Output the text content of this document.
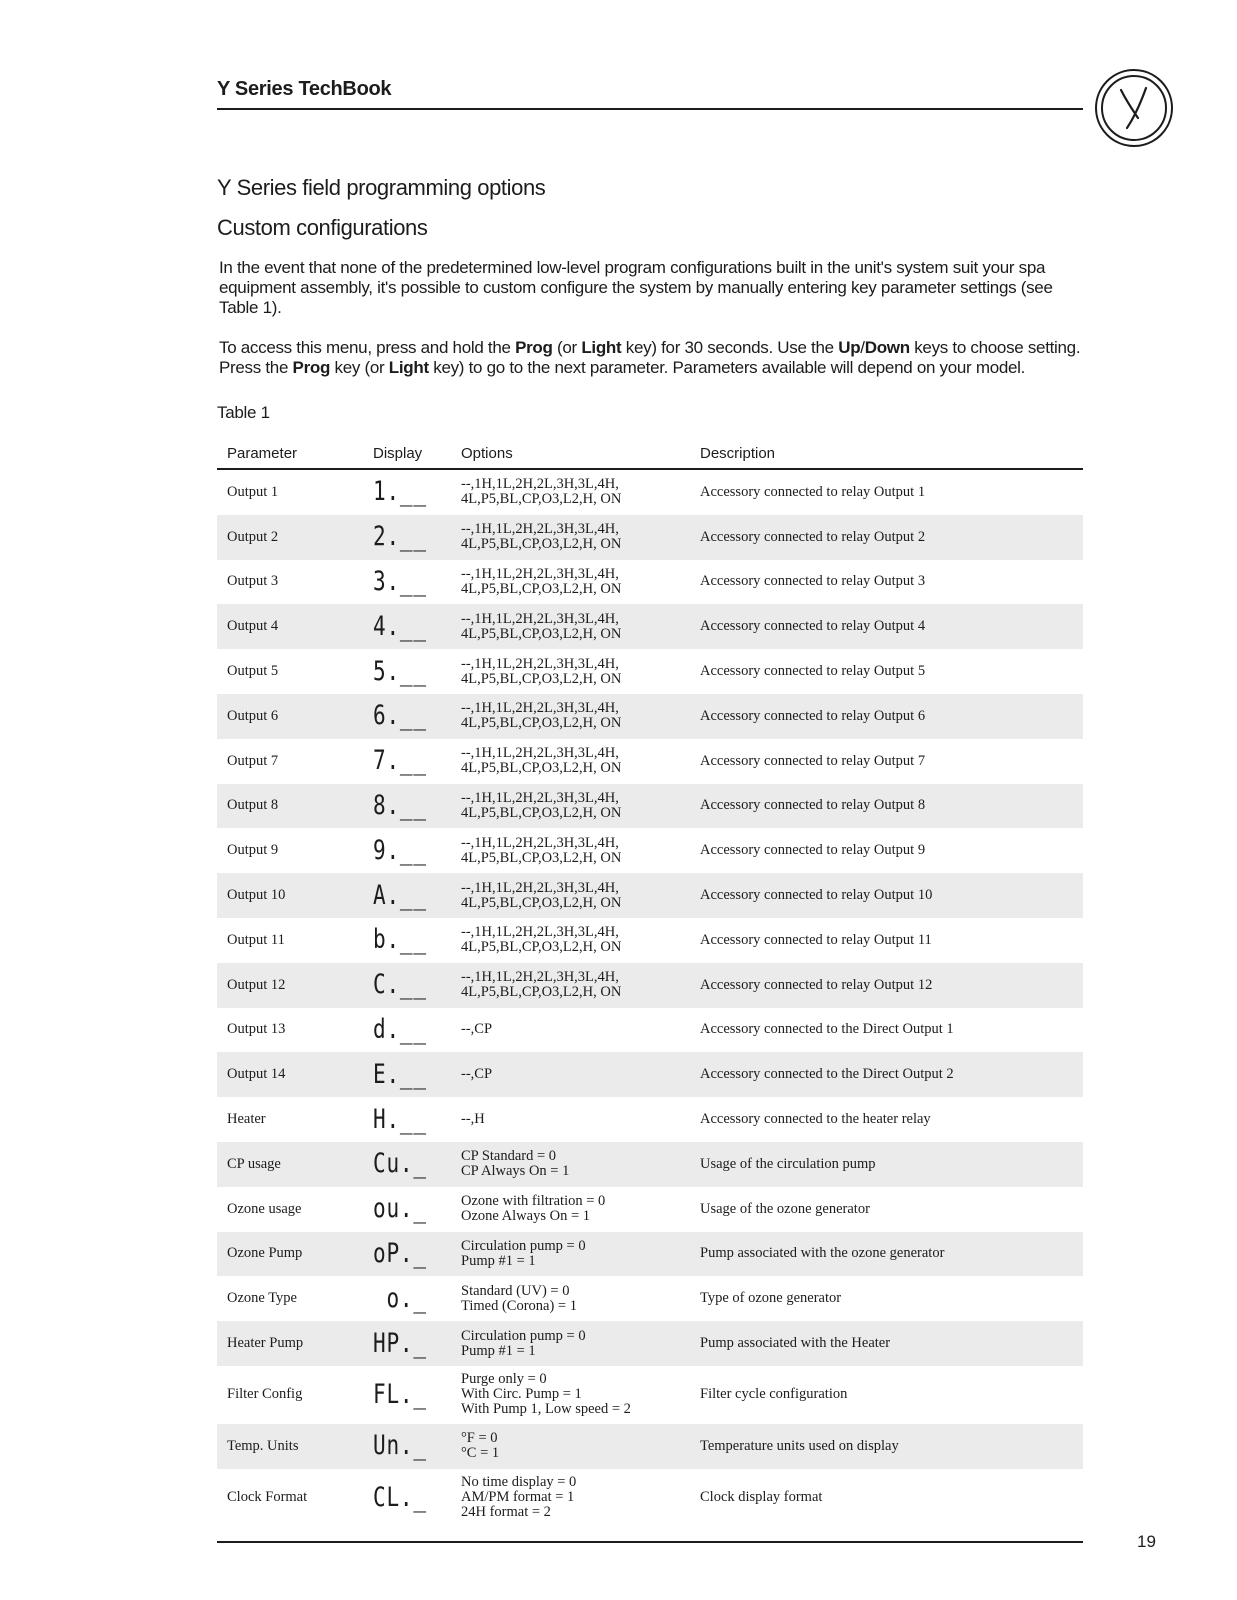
Y Series TechBook
Y Series field programming options
Custom configurations

In the event that none of the predetermined low-level program configurations built in the unit's system suit your spa equipment assembly, it's possible to custom configure the system by manually entering key parameter settings (see Table 1).

To access this menu, press and hold the Prog (or Light key) for 30 seconds. Use the Up/Down keys to choose setting. Press the Prog key (or Light key) to go to the next parameter. Parameters available will depend on your model.

Table 1
Parameter	Display	Options	Description
Output 1	1.__	--,1H,1L,2H,2L,3H,3L,4H,
4L,P5,BL,CP,O3,L2,H, ON	Accessory connected to relay Output 1
Output 2	2.__	--,1H,1L,2H,2L,3H,3L,4H,
4L,P5,BL,CP,O3,L2,H, ON	Accessory connected to relay Output 2
Output 3	3.__	--,1H,1L,2H,2L,3H,3L,4H,
4L,P5,BL,CP,O3,L2,H, ON	Accessory connected to relay Output 3
Output 4	4.__	--,1H,1L,2H,2L,3H,3L,4H,
4L,P5,BL,CP,O3,L2,H, ON	Accessory connected to relay Output 4
Output 5	5.__	--,1H,1L,2H,2L,3H,3L,4H,
4L,P5,BL,CP,O3,L2,H, ON	Accessory connected to relay Output 5
Output 6	6.__	--,1H,1L,2H,2L,3H,3L,4H,
4L,P5,BL,CP,O3,L2,H, ON	Accessory connected to relay Output 6
Output 7	7.__	--,1H,1L,2H,2L,3H,3L,4H,
4L,P5,BL,CP,O3,L2,H, ON	Accessory connected to relay Output 7
Output 8	8.__	--,1H,1L,2H,2L,3H,3L,4H,
4L,P5,BL,CP,O3,L2,H, ON	Accessory connected to relay Output 8
Output 9	9.__	--,1H,1L,2H,2L,3H,3L,4H,
4L,P5,BL,CP,O3,L2,H, ON	Accessory connected to relay Output 9
Output 10	A.__	--,1H,1L,2H,2L,3H,3L,4H,
4L,P5,BL,CP,O3,L2,H, ON	Accessory connected to relay Output 10
Output 11	b.__	--,1H,1L,2H,2L,3H,3L,4H,
4L,P5,BL,CP,O3,L2,H, ON	Accessory connected to relay Output 11
Output 12	C.__	--,1H,1L,2H,2L,3H,3L,4H,
4L,P5,BL,CP,O3,L2,H, ON	Accessory connected to relay Output 12
Output 13	d.__	--,CP	Accessory connected to the Direct Output 1
Output 14	E.__	--,CP	Accessory connected to the Direct Output 2
Heater	H.__	--,H	Accessory connected to the heater relay
CP usage	Cu._	CP Standard = 0
CP Always On = 1	Usage of the circulation pump
Ozone usage	ou._	Ozone with filtration = 0
Ozone Always On = 1	Usage of the ozone generator
Ozone Pump	oP._	Circulation pump = 0
Pump #1 = 1	Pump associated with the ozone generator
Ozone Type	o._	Standard (UV) = 0
Timed (Corona) = 1	Type of ozone generator
Heater Pump	HP._	Circulation pump = 0
Pump #1 = 1	Pump associated with the Heater
Filter Config	FL._	Purge only = 0
With Circ. Pump = 1
With Pump 1, Low speed = 2	Filter cycle configuration
Temp. Units	Un._	°F = 0
°C = 1	Temperature units used on display
Clock Format	CL._	No time display = 0
AM/PM format = 1
24H format = 2	Clock display format
19
